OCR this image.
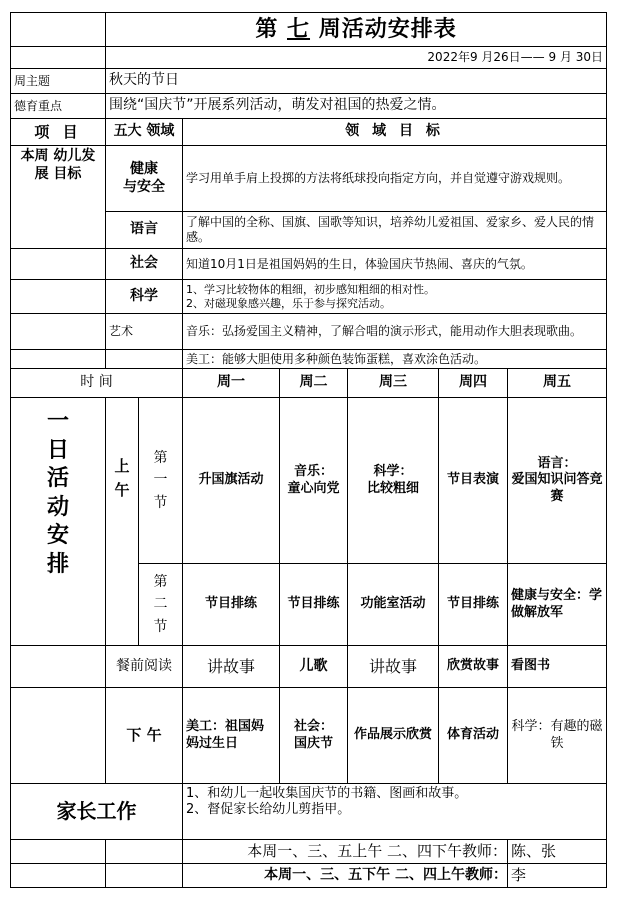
	第 七 周活动安排表						
	2022年9 月26日—— 9 月 30日						
周主题	秋天的节日						
德育重点	围绕“国庆节”开展系列活动，萌发对祖国的热爱之情。						
项 目	五大 领域		领 域 目 标				
本周 幼儿发展 目标	健康
与安全		学习用单手肩上投掷的方法将纸球投向指定方向，并自觉遵守游戏规则。				
	语言		了解中国的全称、国旗、国歌等知识，培养幼儿爱祖国、爱家乡、爱人民的情感。				
	社会		知道10月1日是祖国妈妈的生日，体验国庆节热闹、喜庆的气氛。				
	科学		1、学习比较物体的粗细，初步感知粗细的相对性。
2、对磁现象感兴趣，乐于参与探究活动。				
	艺术		音乐：弘扬爱国主义精神，了解合唱的演示形式，能用动作大胆表现歌曲。				
			美工：能够大胆使用多种颜色装饰蛋糕，喜欢涂色活动。				
时 间			周一	周二	周三	周四	周五

一日活动安排	上午	第一节	升国旗活动	音乐：
童心向党	科学：
比较粗细	节目表演	语言：
爱国知识问答竞赛

		第二节	节目排练	节目排练	功能室活动	节目排练	健康与安全：学做解放军
	餐前阅读		讲故事	儿歌	讲故事	欣赏故事	看图书
	下 午		美工：祖国妈妈过生日	社会：
国庆节	作品展示欣赏	体育活动	科学：有趣的磁铁
家长工作			1、和幼儿一起收集国庆节的书籍、图画和故事。
2、督促家长给幼儿剪指甲。				
			本周一、三、五上午 二、四下午教师：				陈、张
			本周一、三、五下午 二、四上午教师：				李
